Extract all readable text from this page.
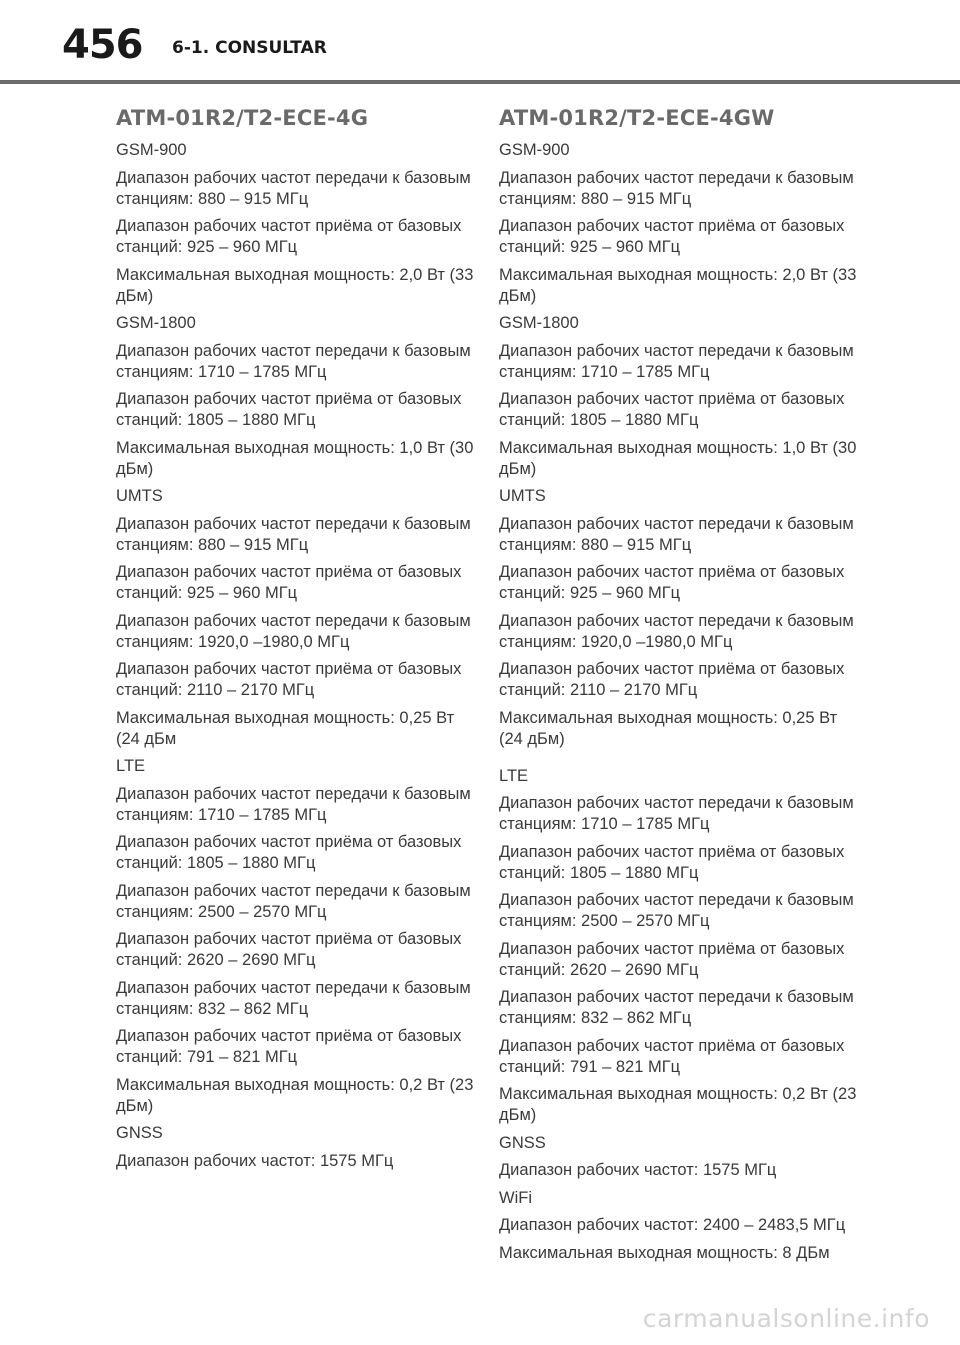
456 6-1. CONSULTAR
ATM-01R2/T2-ECE-4G
GSM-900
Диапазон рабочих частот передачи к базовым станциям: 880 – 915 МГц
Диапазон рабочих частот приёма от базовых станций: 925 – 960 МГц
Максимальная выходная мощность: 2,0 Вт (33 дБм)
GSM-1800
Диапазон рабочих частот передачи к базовым станциям: 1710 – 1785 МГц
Диапазон рабочих частот приёма от базовых станций: 1805 – 1880 МГц
Максимальная выходная мощность: 1,0 Вт (30 дБм)
UMTS
Диапазон рабочих частот передачи к базовым станциям: 880 – 915 МГц
Диапазон рабочих частот приёма от базовых станций: 925 – 960 МГц
Диапазон рабочих частот передачи к базовым станциям: 1920,0 –1980,0 МГц
Диапазон рабочих частот приёма от базовых станций: 2110 – 2170 МГц
Максимальная выходная мощность: 0,25 Вт (24 дБм
LTE
Диапазон рабочих частот передачи к базовым станциям: 1710 – 1785 МГц
Диапазон рабочих частот приёма от базовых станций: 1805 – 1880 МГц
Диапазон рабочих частот передачи к базовым станциям: 2500 – 2570 МГц
Диапазон рабочих частот приёма от базовых станций: 2620 – 2690 МГц
Диапазон рабочих частот передачи к базовым станциям: 832 – 862 МГц
Диапазон рабочих частот приёма от базовых станций: 791 – 821 МГц
Максимальная выходная мощность: 0,2 Вт (23 дБм)
GNSS
Диапазон рабочих частот: 1575 МГц
ATM-01R2/T2-ECE-4GW
GSM-900
Диапазон рабочих частот передачи к базовым станциям: 880 – 915 МГц
Диапазон рабочих частот приёма от базовых станций: 925 – 960 МГц
Максимальная выходная мощность: 2,0 Вт (33 дБм)
GSM-1800
Диапазон рабочих частот передачи к базовым станциям: 1710 – 1785 МГц
Диапазон рабочих частот приёма от базовых станций: 1805 – 1880 МГц
Максимальная выходная мощность: 1,0 Вт (30 дБм)
UMTS
Диапазон рабочих частот передачи к базовым станциям: 880 – 915 МГц
Диапазон рабочих частот приёма от базовых станций: 925 – 960 МГц
Диапазон рабочих частот передачи к базовым станциям: 1920,0 –1980,0 МГц
Диапазон рабочих частот приёма от базовых станций: 2110 – 2170 МГц
Максимальная выходная мощность: 0,25 Вт (24 дБм)
LTE
Диапазон рабочих частот передачи к базовым станциям: 1710 – 1785 МГц
Диапазон рабочих частот приёма от базовых станций: 1805 – 1880 МГц
Диапазон рабочих частот передачи к базовым станциям: 2500 – 2570 МГц
Диапазон рабочих частот приёма от базовых станций: 2620 – 2690 МГц
Диапазон рабочих частот передачи к базовым станциям: 832 – 862 МГц
Диапазон рабочих частот приёма от базовых станций: 791 – 821 МГц
Максимальная выходная мощность: 0,2 Вт (23 дБм)
GNSS
Диапазон рабочих частот: 1575 МГц
WiFi
Диапазон рабочих частот: 2400 – 2483,5 МГц
Максимальная выходная мощность: 8 ДБм
carmanualsonline.info
